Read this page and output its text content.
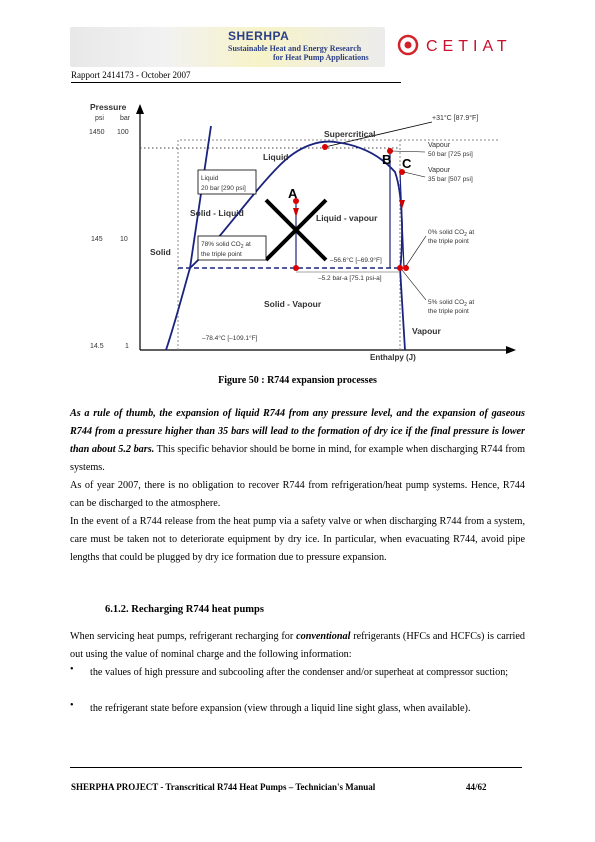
SHERHPA
Sustainable Heat and Energy Research
for Heat Pump Applications
CETIAT
Rapport 2414173 - October 2007
Pressure
psi bar
1450 100
145 10
14.5	1
Enthalpy (J)
A
B C
Supercritical
Liquid
Solid - Liquid	Liquid - vapour
Solid
Solid - Vapour
Vapour
Liquid
20 bar [290 psi]
78% solid $CO_2$ at
the triple point
+31°C [87.9°F]
–56.6°C [–69.9°F]
–5.2 bar-a [75.1 psi-a]
–78.4°C [–109.1°F]
Vapour
50 bar [725 psi]
Vapour
35 bar [507 psi]
0% solid $CO_2$ at
the triple point
5% solid $CO_2$ at
the triple point
Figure 50 : R744 expansion processes
As a rule of thumb, the expansion of liquid R744 from any pressure level, and the expansion of gaseous R744 from a pressure higher than 35 bars will lead to the formation of dry ice if the final pressure is lower than about 5.2 bars. This specific behavior should be borne in mind, for example when discharging R744 from systems.
As of year 2007, there is no obligation to recover R744 from refrigeration/heat pump systems. Hence, R744 can be discharged to the atmosphere.
In the event of a R744 release from the heat pump via a safety valve or when discharging R744 from a system, care must be taken not to deteriorate equipment by dry ice. In particular, when evacuating R744, avoid pipe lengths that could be plugged by dry ice formation due to pressure expansion.
6.1.2. Recharging R744 heat pumps
When servicing heat pumps, refrigerant recharging for conventional refrigerants (HFCs and HCFCs) is carried out using the value of nominal charge and the following information:
• the values of high pressure and subcooling after the condenser and/or superheat at compressor suction;
• the refrigerant state before expansion (view through a liquid line sight glass, when available).
SHERPHA PROJECT - Transcritical R744 Heat Pumps – Technician's Manual	44/62
